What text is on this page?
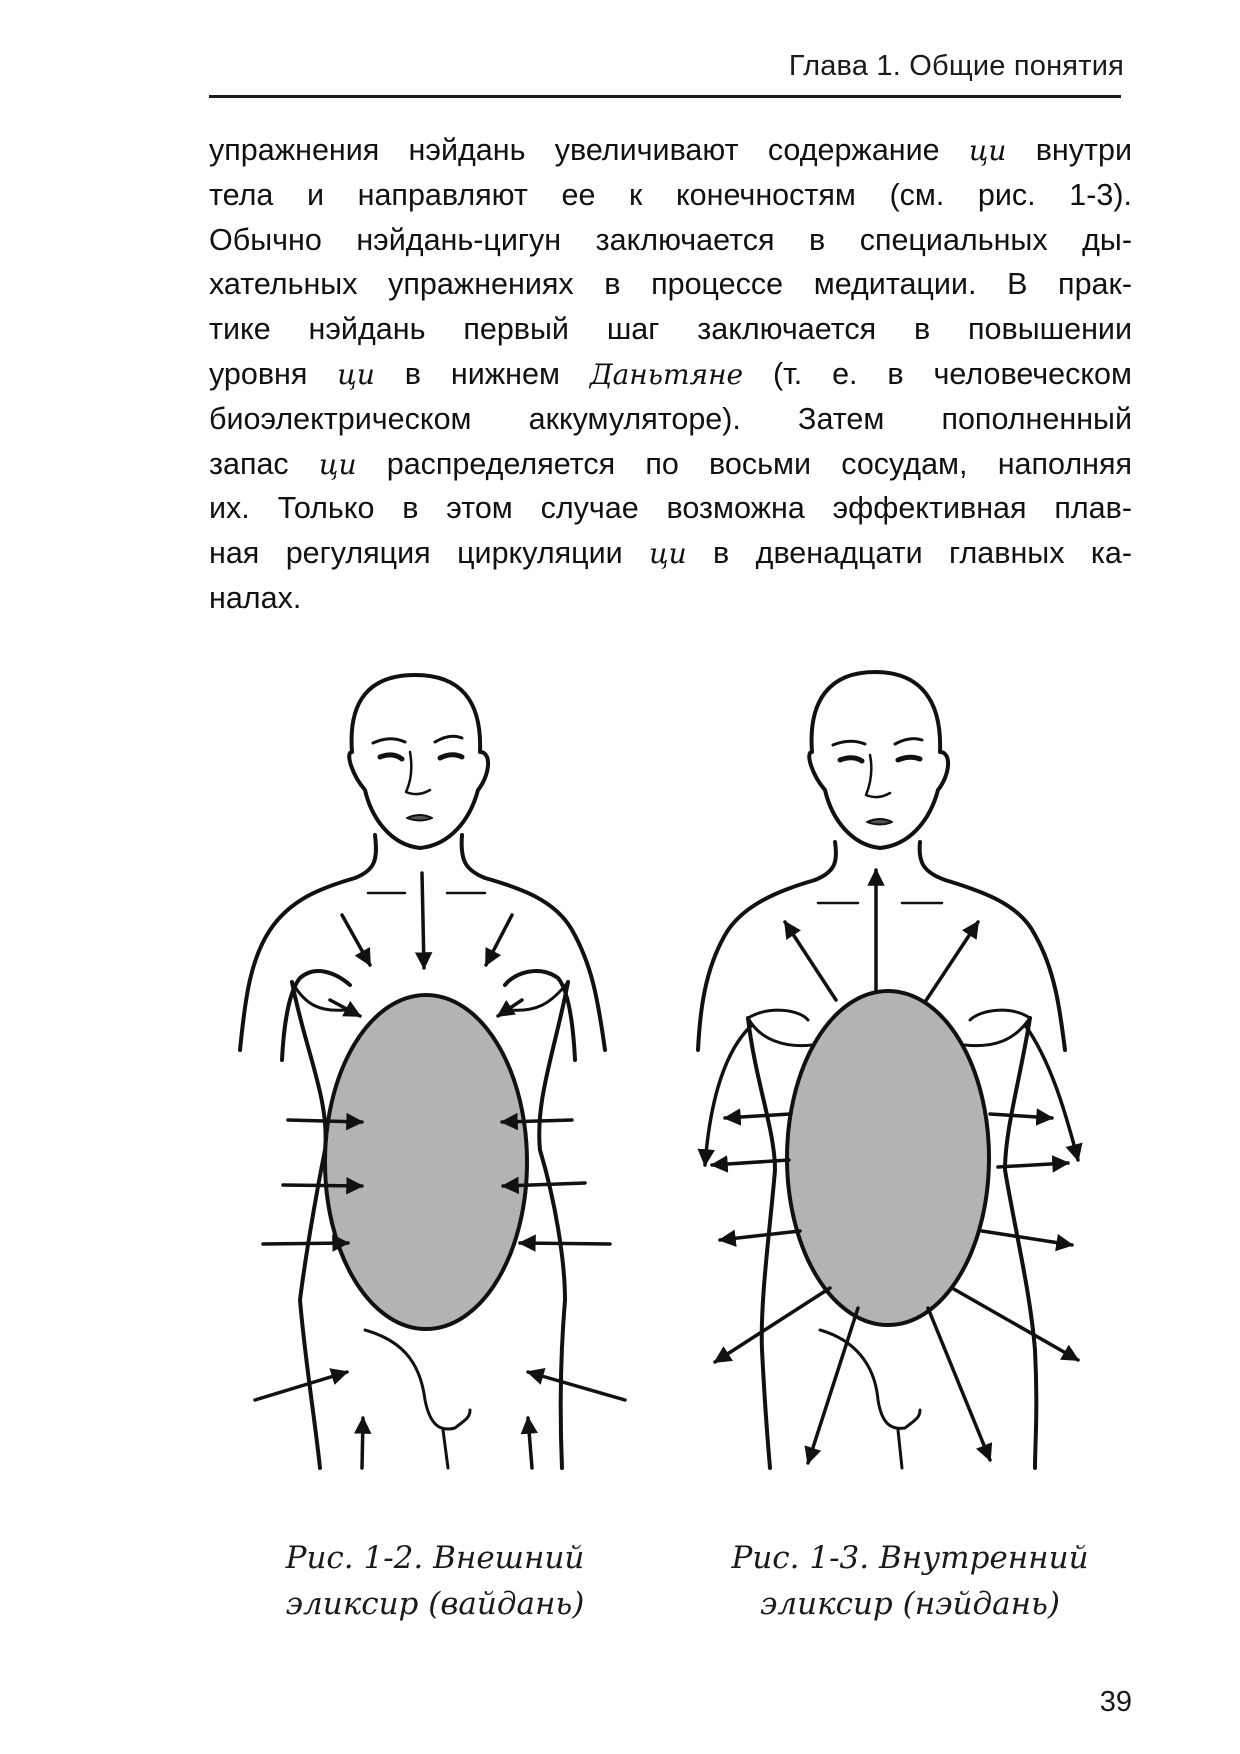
Глава 1. Общие понятия
упражнения нэйдань увеличивают содержание ци внутри
тела и направляют ее к конечностям (см. рис. 1-3).
Обычно нэйдань-цигун заключается в специальных ды-
хательных упражнениях в процессе медитации. В прак-
тике нэйдань первый шаг заключается в повышении
уровня ци в нижнем Даньтяне (т. е. в человеческом
биоэлектрическом аккумуляторе). Затем пополненный
запас ци распределяется по восьми сосудам, наполняя
их. Только в этом случае возможна эффективная плав-
ная регуляция циркуляции ци в двенадцати главных ка-
налах.
Рис. 1-2. Внешний
эликсир (вайдань)
Рис. 1-3. Внутренний
эликсир (нэйдань)
39
